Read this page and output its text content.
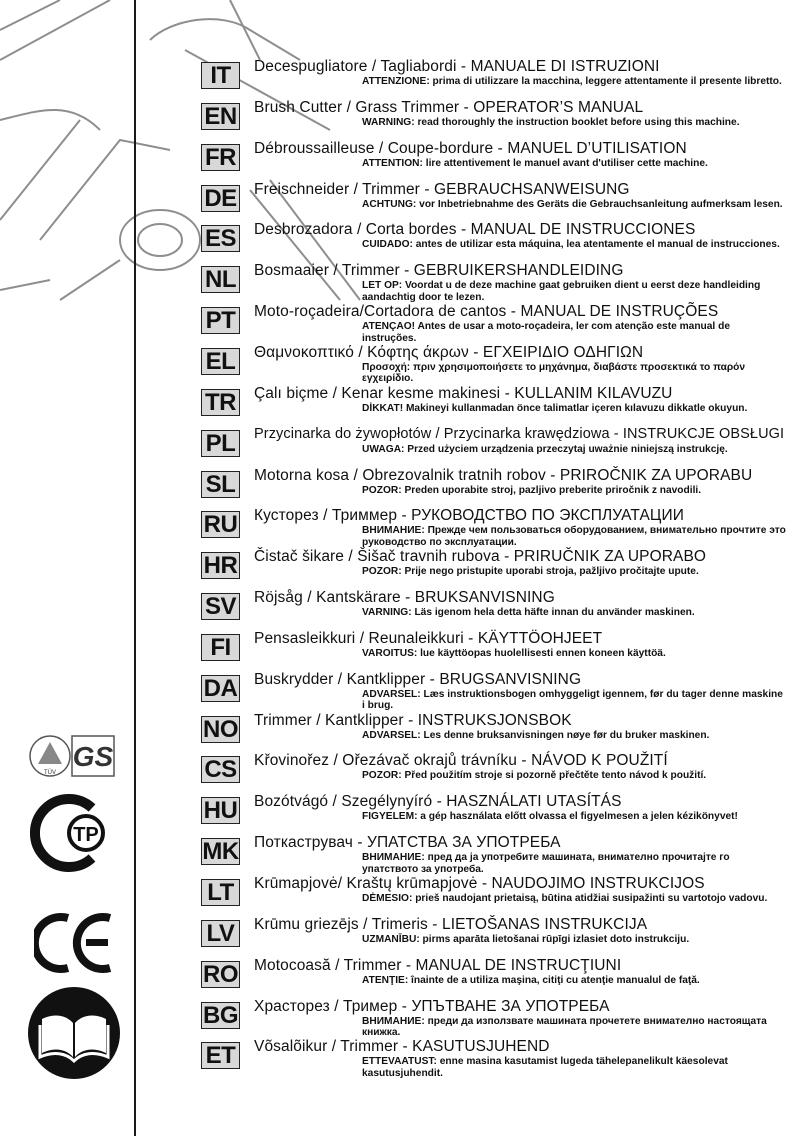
IT	Decespugliatore / Tagliabordi - MANUALE DI ISTRUZIONI
ATTENZIONE: prima di utilizzare la macchina, leggere attentamente il presente libretto.
EN Brush Cutter / Grass Trimmer - OPERATOR’S MANUAL
WARNING: read thoroughly the instruction booklet before using this machine.
FR Débroussailleuse / Coupe-bordure - MANUEL D’UTILISATION
ATTENTION: lire attentivement le manuel avant d'utiliser cette machine.
DE Freischneider / Trimmer - GEBRAUCHSANWEISUNG
ACHTUNG: vor Inbetriebnahme des Geräts die Gebrauchsanleitung aufmerksam lesen.
ES Desbrozadora / Corta bordes - MANUAL DE INSTRUCCIONES
CUIDADO: antes de utilizar esta máquina, lea atentamente el manual de instrucciones.
NL Bosmaaier / Trimmer - GEBRUIKERSHANDLEIDING
LET OP: Voordat u de deze machine gaat gebruiken dient u eerst deze handleiding aandachtig door te lezen.
PT	Moto-roçadeira/Cortadora de cantos - MANUAL DE INSTRUÇÕES
ATENÇAO! Antes de usar a moto-roçadeira, ler com atenção este manual de instruções.
EL	Θαμνοκοπτικό / Κόφτης άκρων - ΕΓΧΕΙΡΙΔΙΟ ΟΔΗΓΙΩΝ
Προσοχή: πριν χρησιμοποιήσετε το μηχάνημα, διαβάστε προσεκτικά το παρόν εγχειρίδιο.
TR Çalı biçme / Kenar kesme makinesi - KULLANIM KILAVUZU
DİKKAT! Makineyi kullanmadan önce talimatlar içeren kılavuzu dikkatle okuyun.
PL	Przycinarka do żywopłotów / Przycinarka krawędziowa - INSTRUKCJE OBSŁUGI
UWAGA: Przed użyciem urządzenia przeczytaj uważnie niniejszą instrukcję.
SL	Motorna kosa / Obrezovalnik tratnih robov - PRIROČNIK ZA UPORABU
POZOR: Preden uporabite stroj, pazljivo preberite priročnik z navodili.
RU Кусторез / Триммер - РУКОВОДСТВО ПО ЭКСПЛУАТАЦИИ
ВНИМАНИЕ: Прежде чем пользоваться оборудованием, внимательно прочтите это руководство по эксплуатации.
HR Čistač šikare / Šišač travnih rubova - PRIRUČNIK ZA UPORABO
POZOR: Prije nego pristupite uporabi stroja, pažljivo pročitajte upute.
SV Röjsåg / Kantskärare - BRUKSANVISNING
VARNING: Läs igenom hela detta häfte innan du använder maskinen.
FI	Pensasleikkuri / Reunaleikkuri - KÄYTTÖOHJEET
VAROITUS: lue käyttöopas huolellisesti ennen koneen käyttöä.
DA Buskrydder / Kantklipper - BRUGSANVISNING
ADVARSEL: Læs instruktionsbogen omhyggeligt igennem, før du tager denne maskine i brug.
NO Trimmer / Kantklipper - INSTRUKSJONSBOK
ADVARSEL: Les denne bruksanvisningen nøye før du bruker maskinen.
CS Křovinořez / Ořezávač okrajů trávníku - NÁVOD K POUŽITÍ
POZOR: Před použitím stroje si pozorně přečtěte tento návod k použití.
HU Bozótvágó / Szegélynyíró - HASZNÁLATI UTASÍTÁS
FIGYELEM: a gép használata előtt olvassa el figyelmesen a jelen kézikönyvet!
MK Поткаструвач - УПАТСТВА ЗА УПОТРЕБА
ВНИМАНИЕ: пред да ја употребите машината, внимателно прочитајте го упатството за употреба.
LT	Krūmapjovė/ Kraštų krūmapjovė - NAUDOJIMO INSTRUKCIJOS
DĖMESIO: prieš naudojant prietaisą, būtina atidžiai susipažinti su vartotojo vadovu.
LV	Krūmu griezējs / Trimeris - LIETOŠANAS INSTRUKCIJA
UZMANĪBU: pirms aparāta lietošanai rūpīgi izlasiet doto instrukciju.
RO Motocoasă / Trimmer - MANUAL DE INSTRUCŢIUNI
ATENŢIE: înainte de a utiliza maşina, citiţi cu atenţie manualul de faţă.
BG Храсторез / Тример - УПЪТВАНЕ ЗА УПОТРЕБА
ВНИМАНИЕ: преди да използвате машината прочетете внимателно настоящата книжка.
ET	Võsalõikur / Trimmer - KASUTUSJUHEND
ETTEVAATUST: enne masina kasutamist lugeda tähelepanelikult käesolevat kasutusjuhendit.
TÜV
GS
ТР
CE
